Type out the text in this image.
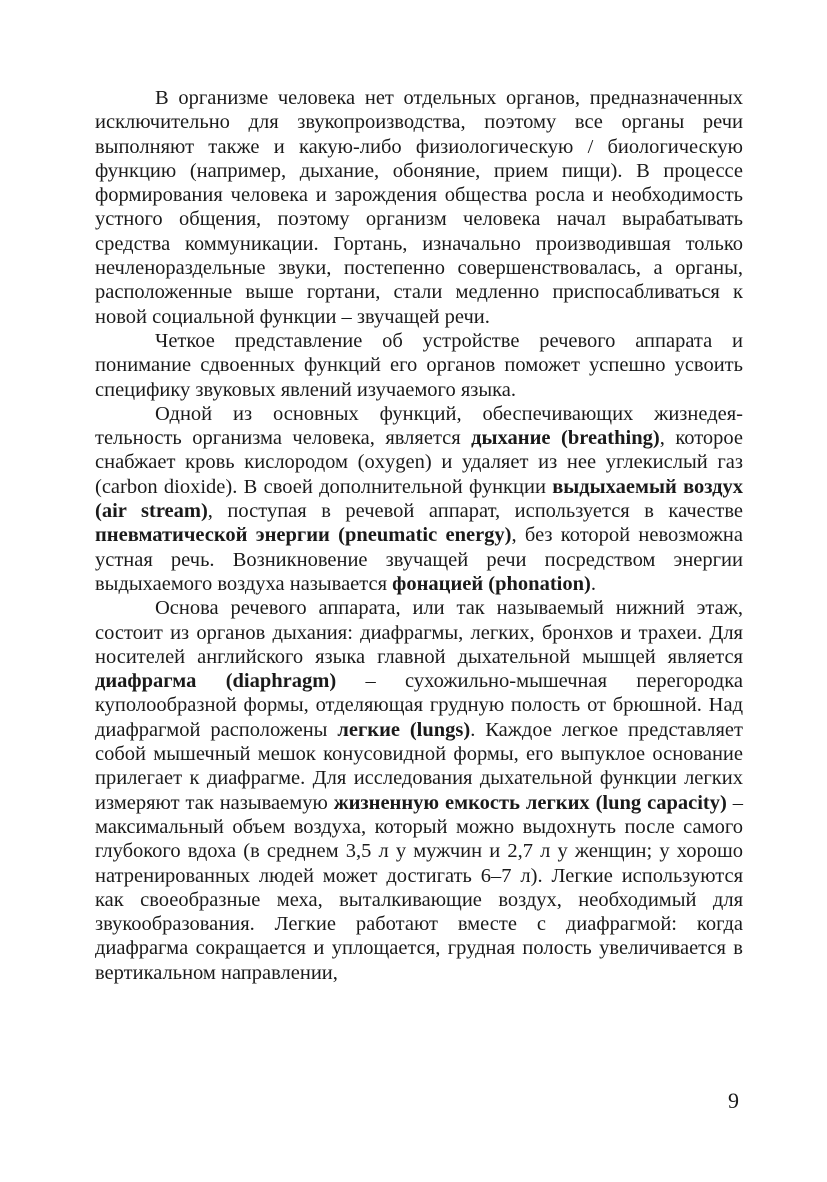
В организме человека нет отдельных органов, предназначенных исключительно для звукопроизводства, поэтому все органы речи выполняют также и какую-либо физиологическую / биологическую функцию (например, дыхание, обоняние, прием пищи). В процессе формирования человека и зарождения общества росла и необходимость устного общения, поэтому организм человека начал вырабатывать средства коммуникации. Гортань, изначально производившая только нечленораздельные звуки, постепенно совершенствовалась, а органы, расположенные выше гортани, стали медленно приспосабливаться к новой социальной функции – звучащей речи.

Четкое представление об устройстве речевого аппарата и понимание сдвоенных функций его органов поможет успешно усвоить специфику звуковых явлений изучаемого языка.

Одной из основных функций, обеспечивающих жизнедеятельность организма человека, является дыхание (breathing), которое снабжает кровь кислородом (oxygen) и удаляет из нее углекислый газ (carbon dioxide). В своей дополнительной функции выдыхаемый воздух (air stream), поступая в речевой аппарат, используется в качестве пневматической энергии (pneumatic energy), без которой невозможна устная речь. Возникновение звучащей речи посредством энергии выдыхаемого воздуха называется фонацией (phonation).

Основа речевого аппарата, или так называемый нижний этаж, состоит из органов дыхания: диафрагмы, легких, бронхов и трахеи. Для носителей английского языка главной дыхательной мышцей является диафрагма (diaphragm) – сухожильно-мышечная перегородка куполообразной формы, отделяющая грудную полость от брюшной. Над диафрагмой расположены легкие (lungs). Каждое легкое представляет собой мышечный мешок конусовидной формы, его выпуклое основание прилегает к диафрагме. Для исследования дыхательной функции легких измеряют так называемую жизненную емкость легких (lung capacity) – максимальный объем воздуха, который можно выдохнуть после самого глубокого вдоха (в среднем 3,5 л у мужчин и 2,7 л у женщин; у хорошо натренированных людей может достигать 6–7 л). Легкие используются как своеобразные меха, выталкивающие воздух, необходимый для звукообразования. Легкие работают вместе с диафрагмой: когда диафрагма сокращается и уплощается, грудная полость увеличивается в вертикальном направлении,

9
